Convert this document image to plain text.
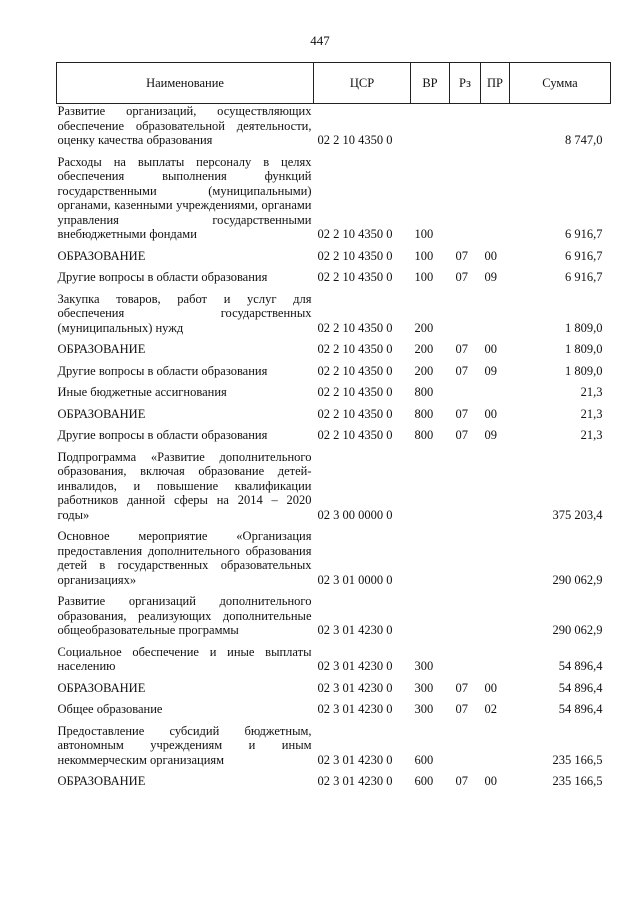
447
Наименование	ЦСР	ВР	Рз	ПР	Сумма
Развитие организаций, осуществляющих обеспечение образовательной деятельности, оценку качества образования	02 2 10 4350 0				8 747,0
Расходы на выплаты персоналу в целях обеспечения выполнения функций государственными (муниципальными) органами, казенными учреждениями, органами управления государственными внебюджетными фондами	02 2 10 4350 0	100			6 916,7
ОБРАЗОВАНИЕ	02 2 10 4350 0	100	07	00	6 916,7
Другие вопросы в области образования	02 2 10 4350 0	100	07	09	6 916,7
Закупка товаров, работ и услуг для обеспечения государственных (муниципальных) нужд	02 2 10 4350 0	200			1 809,0
ОБРАЗОВАНИЕ	02 2 10 4350 0	200	07	00	1 809,0
Другие вопросы в области образования	02 2 10 4350 0	200	07	09	1 809,0
Иные бюджетные ассигнования	02 2 10 4350 0	800			21,3
ОБРАЗОВАНИЕ	02 2 10 4350 0	800	07	00	21,3
Другие вопросы в области образования	02 2 10 4350 0	800	07	09	21,3
Подпрограмма «Развитие дополнительного образования, включая образование детей-инвалидов, и повышение квалификации работников данной сферы на 2014 – 2020 годы»	02 3 00 0000 0				375 203,4
Основное мероприятие «Организация предоставления дополнительного образования детей в государственных образовательных организациях»	02 3 01 0000 0				290 062,9
Развитие организаций дополнительного образования, реализующих дополнительные общеобразовательные программы	02 3 01 4230 0				290 062,9
Социальное обеспечение и иные выплаты населению	02 3 01 4230 0	300			54 896,4
ОБРАЗОВАНИЕ	02 3 01 4230 0	300	07	00	54 896,4
Общее образование	02 3 01 4230 0	300	07	02	54 896,4
Предоставление субсидий бюджетным, автономным учреждениям и иным некоммерческим организациям	02 3 01 4230 0	600			235 166,5
ОБРАЗОВАНИЕ	02 3 01 4230 0	600	07	00	235 166,5
